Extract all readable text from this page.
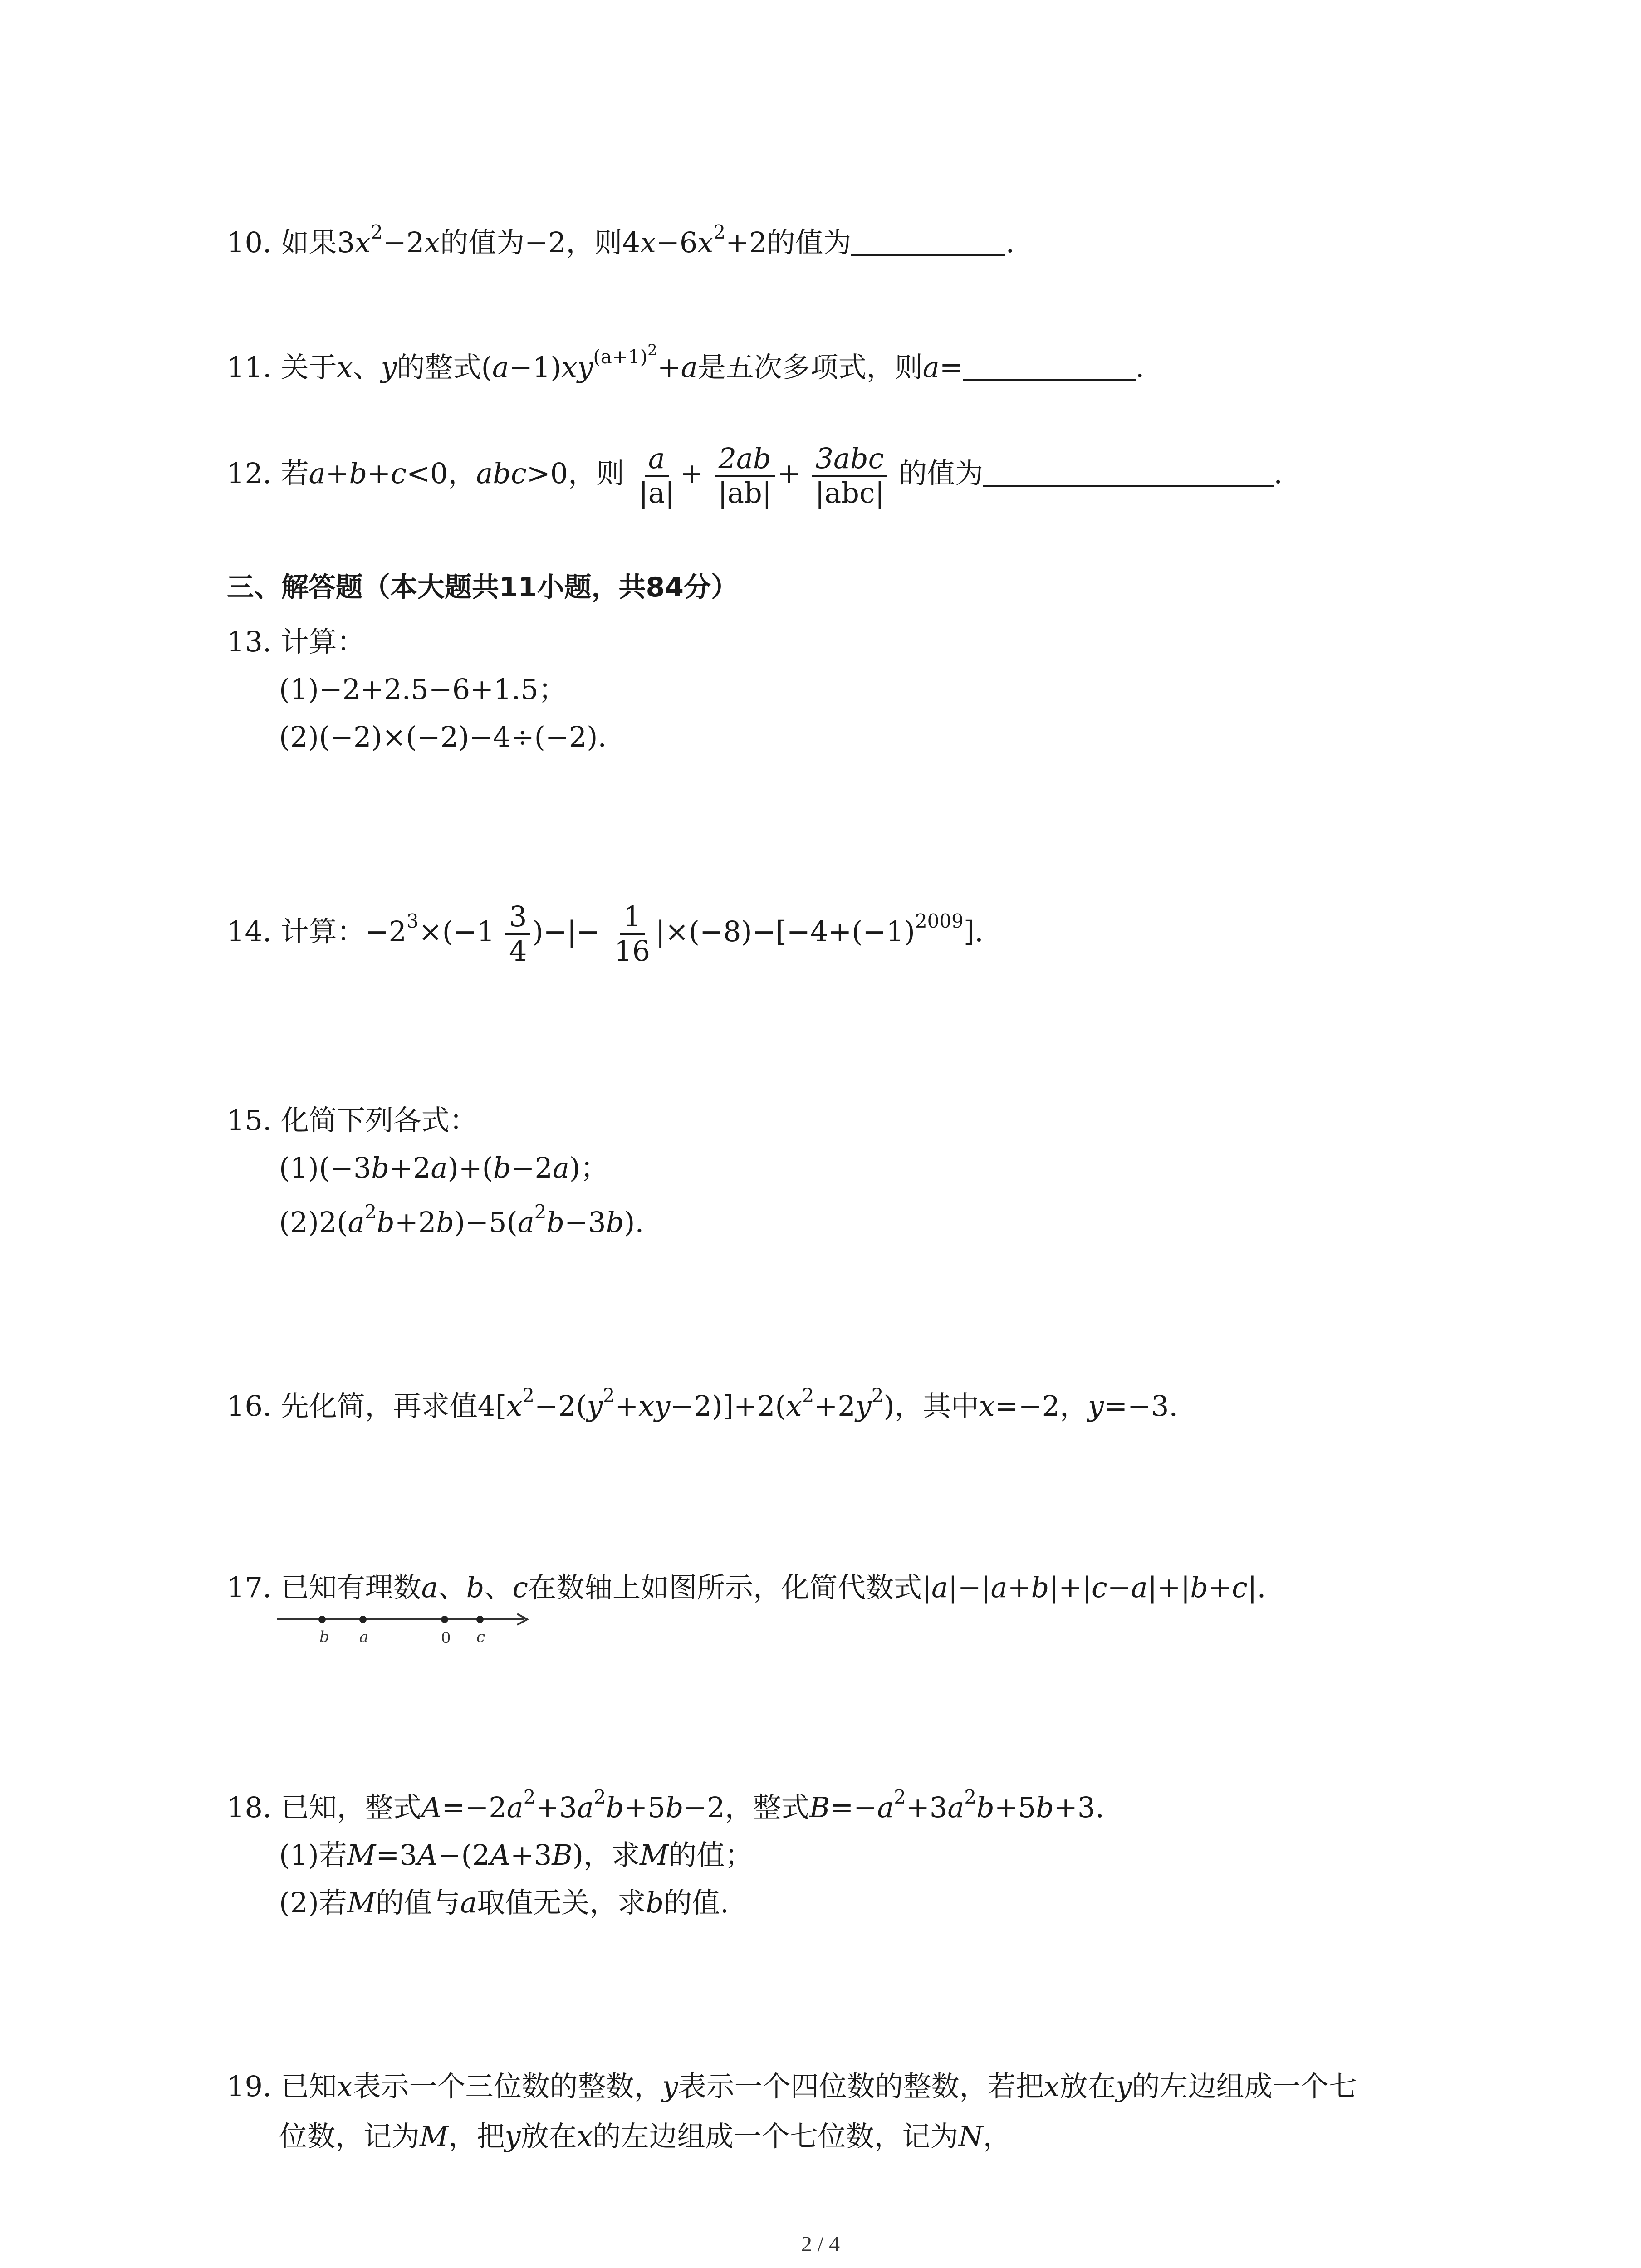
10. 如果$3x^2-2x$的值为−2，则$4x-6x^2+2$的值为	.
11. 关于x、y的整式$(a-1)xy^{(a+1)^2}+a$是五次多项式，则a=	.
12. 若a+b+c<0，abc>0，则 $\frac{a}{|a|} + \frac{2ab}{|ab|} + \frac{\text{3abc}}{\text{|abc|}}$ 的值为	.
三、解答题（本大题共11小题，共84分）
13. 计算：
(1)−2+2.5−6+1.5；
(2)(−2)×(−2)−4÷(−2).
14. 计算：$-2^3\times(-1 \frac{3}{4}$ )−|− $\frac{1}{16} |\times(-8)-[-4+(-1)^{2009}]$.
15. 化简下列各式：
(1)(−3b+2a)+(b−2a)；
$(2)2(a^2b+2b)-5(a^2b-3b)$.
16. 先化简，再求值$4[x^2-2(y^2+xy-2)]+2(x^2+2y^2)$，其中x=−2，y=−3.
17. 已知有理数a、b、c在数轴上如图所示，化简代数式|a|−|a+b|+|c−a|+|b+c|.
b a	0 c
18. 已知，整式$A=-2a^2+3a^2b+5b-2$，整式$B=-a^2+3a^2b+5b+3$.
(1)若M=3A−(2A+3B)，求M的值；
(2)若M的值与a取值无关，求b的值.
19. 已知x表示一个三位数的整数，y表示一个四位数的整数，若把x放在y的左边组成一个七
位数，记为M，把y放在x的左边组成一个七位数，记为N，
2 / 4
